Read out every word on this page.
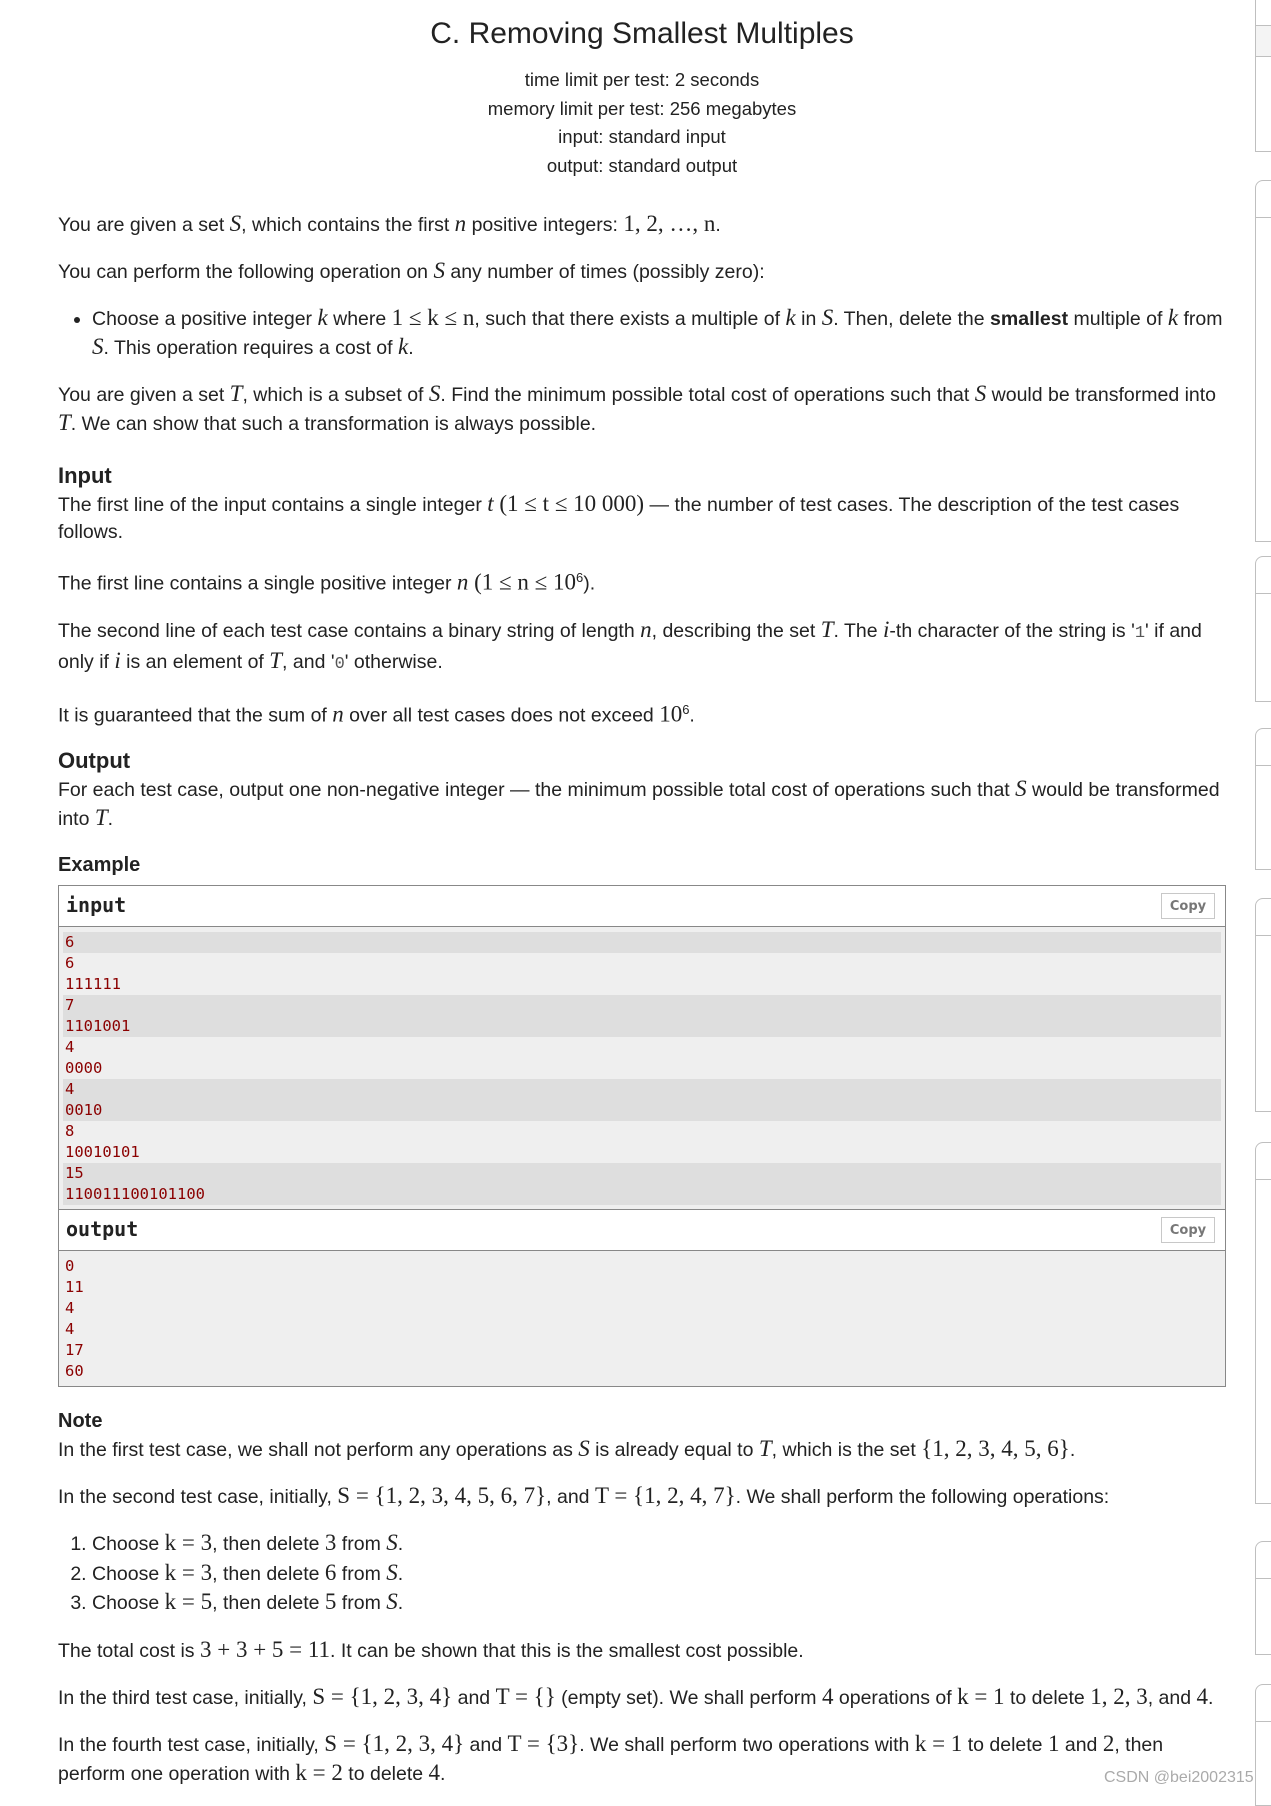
C. Removing Smallest Multiples
time limit per test: 2 seconds
memory limit per test: 256 megabytes
input: standard input
output: standard output

You are given a set S, which contains the first n positive integers: 1, 2, …, n.

You can perform the following operation on S any number of times (possibly zero):

• Choose a positive integer k where 1 ≤ k ≤ n, such that there exists a multiple of k in S. Then, delete the smallest multiple of k from S. This operation requires a cost of k.

You are given a set T, which is a subset of S. Find the minimum possible total cost of operations such that S would be transformed into T. We can show that such a transformation is always possible.

Input

The first line of the input contains a single integer t (1 ≤ t ≤ 10 000) — the number of test cases. The description of the test cases follows.

The first line contains a single positive integer n $(1 \le n \le 10^6)$.

The second line of each test case contains a binary string of length n, describing the set T. The i-th character of the string is '1' if and only if i is an element of T, and '0' otherwise.

It is guaranteed that the sum of n over all test cases does not exceed $10^6$.

Output

For each test case, output one non-negative integer — the minimum possible total cost of operations such that S would be transformed into T.

Example
input	Copy
6
6
111111
7
1101001
4
0000
4
0010
8
10010101
15
110011100101100
output	Copy
0
11
4
4
17
60
Note

In the first test case, we shall not perform any operations as S is already equal to T, which is the set {1, 2, 3, 4, 5, 6}.

In the second test case, initially, S = {1, 2, 3, 4, 5, 6, 7}, and T = {1, 2, 4, 7}. We shall perform the following operations:

1. Choose k = 3, then delete 3 from S.
2. Choose k = 3, then delete 6 from S.
3. Choose k = 5, then delete 5 from S.

The total cost is 3 + 3 + 5 = 11. It can be shown that this is the smallest cost possible.

In the third test case, initially, S = {1, 2, 3, 4} and T = {} (empty set). We shall perform 4 operations of k = 1 to delete 1, 2, 3, and 4.

In the fourth test case, initially, S = {1, 2, 3, 4} and T = {3}. We shall perform two operations with k = 1 to delete 1 and 2, then perform one operation with k = 2 to delete 4.	CSDN @bei2002315
